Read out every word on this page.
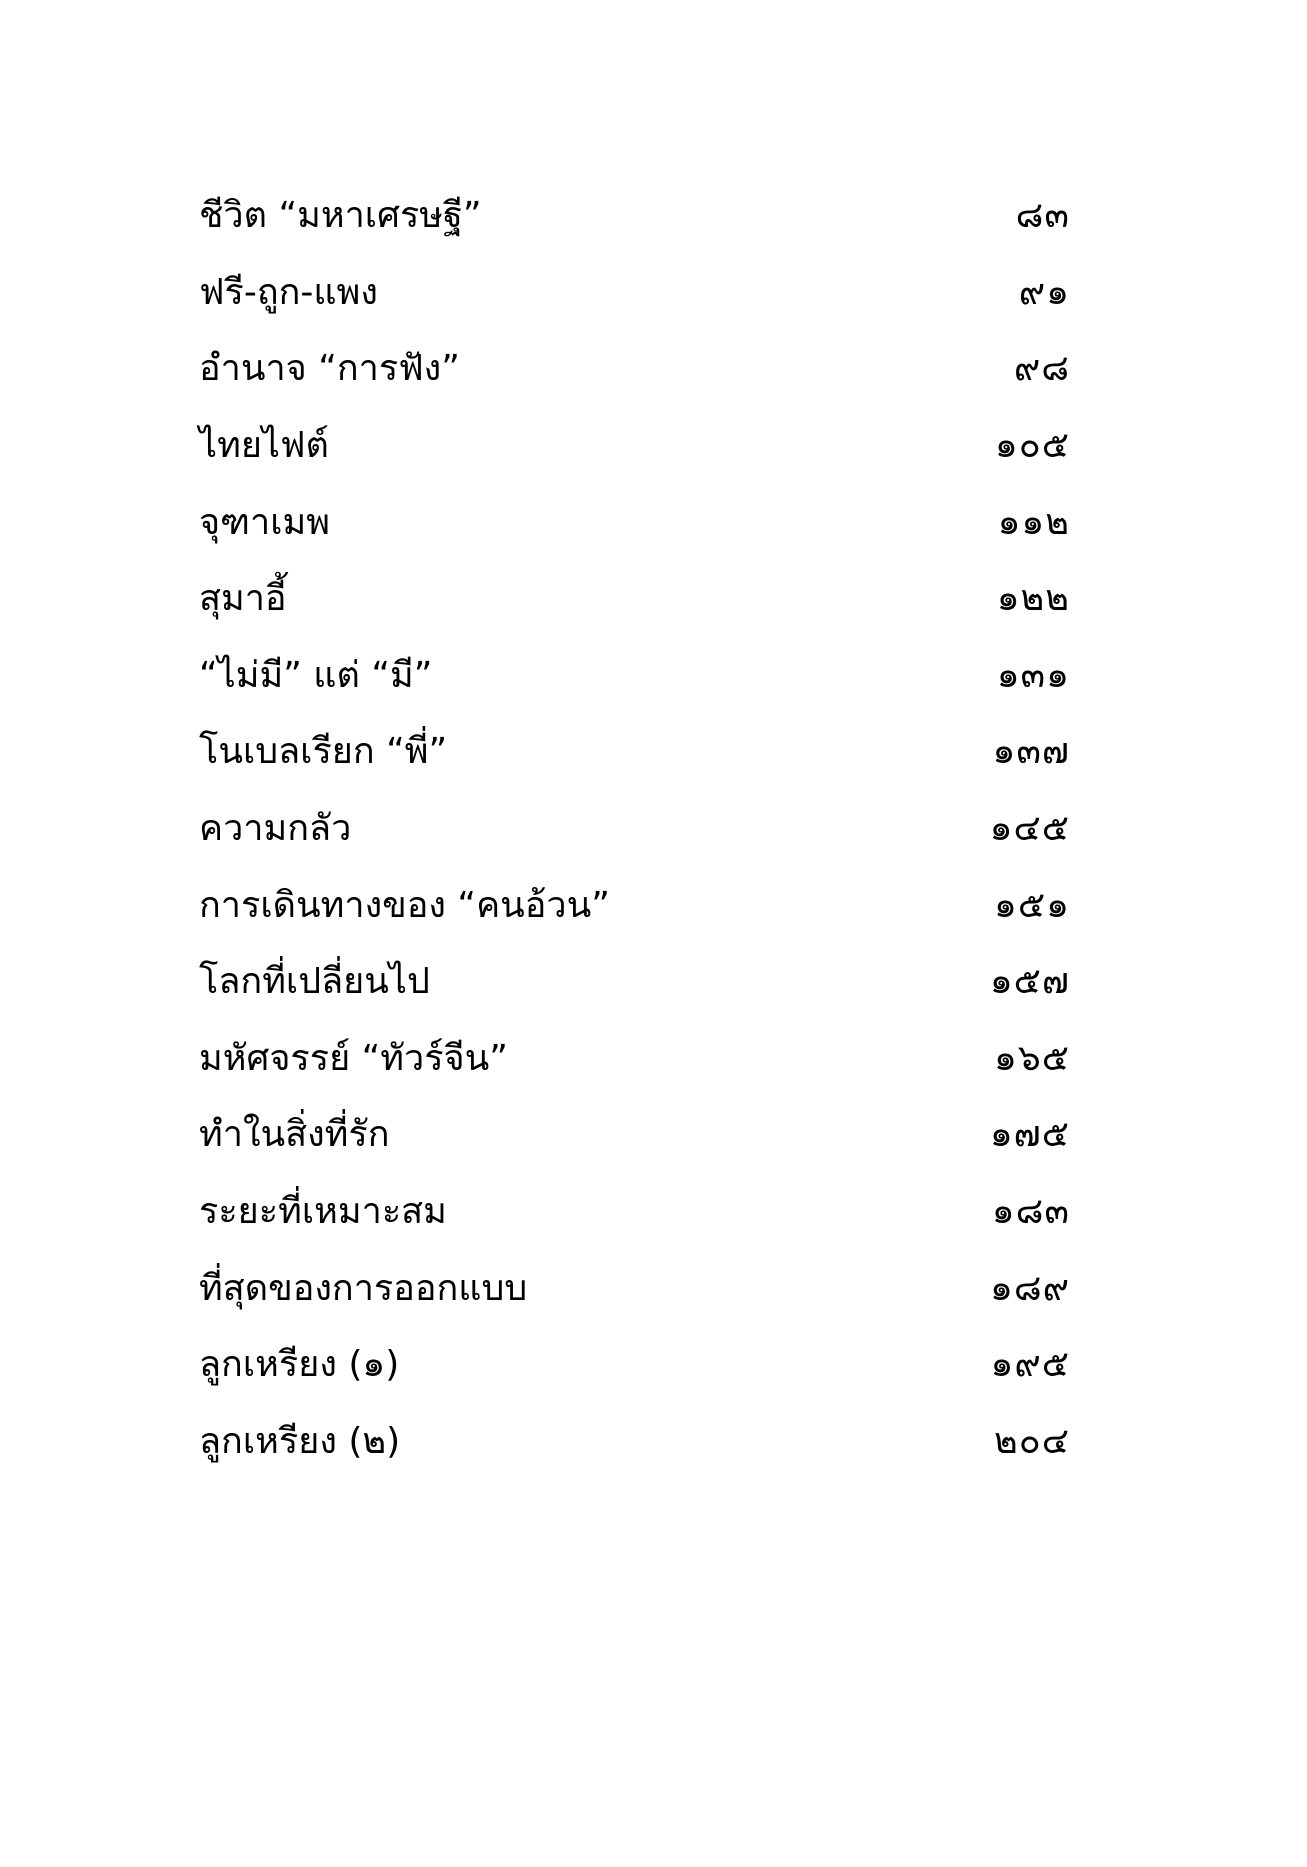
ชีวิต “มหาเศรษฐี”	๘๓
ฟรี-ถูก-แพง	๙๑
อำนาจ “การฟัง”	๙๘
ไทยไฟต์	๑๐๕
จุฑาเมพ	๑๑๒
สุมาอี้	๑๒๒
“ไม่มี” แต่ “มี”	๑๓๑
โนเบลเรียก “พี่”	๑๓๗
ความกลัว	๑๔๕
การเดินทางของ “คนอ้วน”	๑๕๑
โลกที่เปลี่ยนไป	๑๕๗
มหัศจรรย์ “ทัวร์จีน”	๑๖๕
ทำในสิ่งที่รัก	๑๗๕
ระยะที่เหมาะสม	๑๘๓
ที่สุดของการออกแบบ	๑๘๙
ลูกเหรียง (๑)	๑๙๕
ลูกเหรียง (๒)	๒๐๔
